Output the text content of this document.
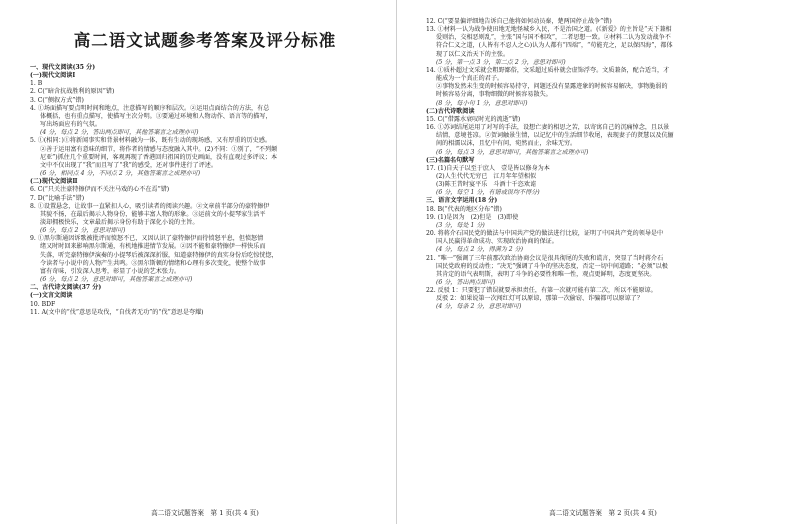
高二语文试题参考答案及评分标准
一、现代文阅读(35 分)
(一)现代文阅读Ⅰ
1. B
2. C(“暗含抗战胜利的原因”错)
3. C(“侧叙方式”错)
4. ①场面描写要点明时间和地点，注意描写的顺序和层次。②运用点面结合的方法，有总
体概括，也有重点描写，使描写主次分明。③要通过环境和人物动作、语言等的描写，
写出场面应有的气氛。
(4 分，每点 2 分，答出两点即可，其他答案言之成理亦可)
5. ①(相同：)①将新闻事实和背景材料融为一体，既有生动的现场感，又有厚重的历史感。
②善于运用富有意味的细节，将作者的情感与态度融入其中。(2)不同：①别了，“不列颠
尼亚”)抓住几个重要时间，客观再现了香港回归祖国的历史画面，没有直观过多评议；本
文中不仅出现了“我”而且写了“我”的感受，还对事件进行了评述。
(6 分，相同点 4 分，不同点 2 分，其他答案言之成理亦可)
(二)现代文阅读Ⅱ
6. C(“只关注豪特擦伊而不关注马戏的心不在焉”错)
7. D(“比喻手法”错)
8. ①设置悬念，让故事一直紧扣人心，吸引读者的阅读兴趣。②文章前半部分的豪特擦伊
其貌不扬，在最后揭示人物身份，能够丰富人物的形象。③运前文的小提琴家生活平
淡却拥极快乐，文章最后揭示身份有助于深化小说的主旨。
(6 分，每点 2 分，意思对即可)
9. ①黑尔斯通因诉歌被批评而愤怒不已，又因认识了豪特擦伊而待愤怒平息，但愤怒情
绪又时时回来影响黑尔斯通，有机地推进情节发展。②因不能和豪特擦伊一样快乐而
失落，听完豪特擦伊演奏的小提琴后被深深折服，知道豪特擦伊的真实身份后吃惊恍惚，
令读者与小说中的人物产生共鸣。③黑尔斯顿的情绪和心理有多次变化，使整个故事
富有奇味，引发深人思考，彰显了小说的艺术张力。
(6 分，每点 2 分，意思对即可，其他答案言之成理亦可)
二、古代诗文阅读(37 分)
(一)文言文阅读
10. BDF
11. A(文中的“伐”意思是攻伐，“自伐者无功”的“伐”意思是夸耀)
高二语文试题答案　第 1 页(共 4 页)
12. C(“要显偏评细地告诉自己他将如何动员秦，楚两国停止战争”错)
13. ①材料一认为战争使田地无地怪城乡入民，不是治国之道。(《新爱》的主旨是“天下兼相
爱则治，交相恶则乱”，主张“国与国不相攻”，二者思想一致。②材料二认为发动战争不
符合仁义之道，(人皆有不忍人之心)认为人都有“四端”，“苟能充之，足以保四海”，都体
现了以仁义治天下的主张。
(5 分，第一点 3 分，第二点 2 分，意思对即可)
14. ①质朴超过文采就会粗野鄙俗，文采超过质朴就会虚饰浮夸。文质兼备，配合适当，才
能成为一个真正的君子。
②事物发然未生变的时候容易持守，问题还没有显露迹象的时候容易解决，事物脆弱的
时候容易分离，事物细微的时候容易散失。
(8 分，每小句 1 分，意思对即可)
(二)古代诗歌阅读
15. C(“借露水衰叹时光的流逝”错)
16. ①苏词结尾运用了对写的手法，设想亡妻的相思之苦，以寄寓自己的沉痛悼念，且以景
结情，意境苍凉。②贺词触景生情，以记忆中的生活细节收尾，表现妻子的贤慧以及伉俪
间的相濡以沫，且忆中有问，宛然而止，余味无穷。
(6 分，每点 3 分，意思对即可，其他答案言之成理亦可)
(三)名篇名句默写
17. (1)自天子以至于庶人　壹是皆以修身为本
(2)人生代代无穷已　江月年年望相似
(3)陈王昔时宴平乐　斗酒十千恣欢谑
(6 分，每空 1 分，有错或误均不得分)
三、语言文字运用(18 分)
18. B(“代表的地区分布”错)
19. (1)是因为　(2)但是　(3)即使
(3 分，每处 1 分)
20. 将蒋介石国民党的做法与中国共产党的做法进行比较，证明了中国共产党的领导是中
国人民赢得革命成功、实现政治协商的保证。
(4 分，每点 2 分，得满为 2 分)
21. “唯一”强调了三年前那次政治协商会议是很具彻尾的失败和谎言，突显了当时蒋介石
国民党政府的反动性；“决无”强调了斗争的坚决态度，否定一切中间道路；“必须”以极
其肯定的语气表明斯，表明了斗争的必要性和唯一性，观点更鲜明，态度更坚决。
(6 分，答出两点即可)
22. 反驳 1：只要犯了错误就要承担责任，有第一次就可能有第二次，所以不能原谅。
反驳 2：如果说第一次闯红灯可以原谅，那第一次偷窃、诈骗都可以原谅了？
(4 分，每条 2 分，意思对即可)
高二语文试题答案　第 2 页(共 4 页)
